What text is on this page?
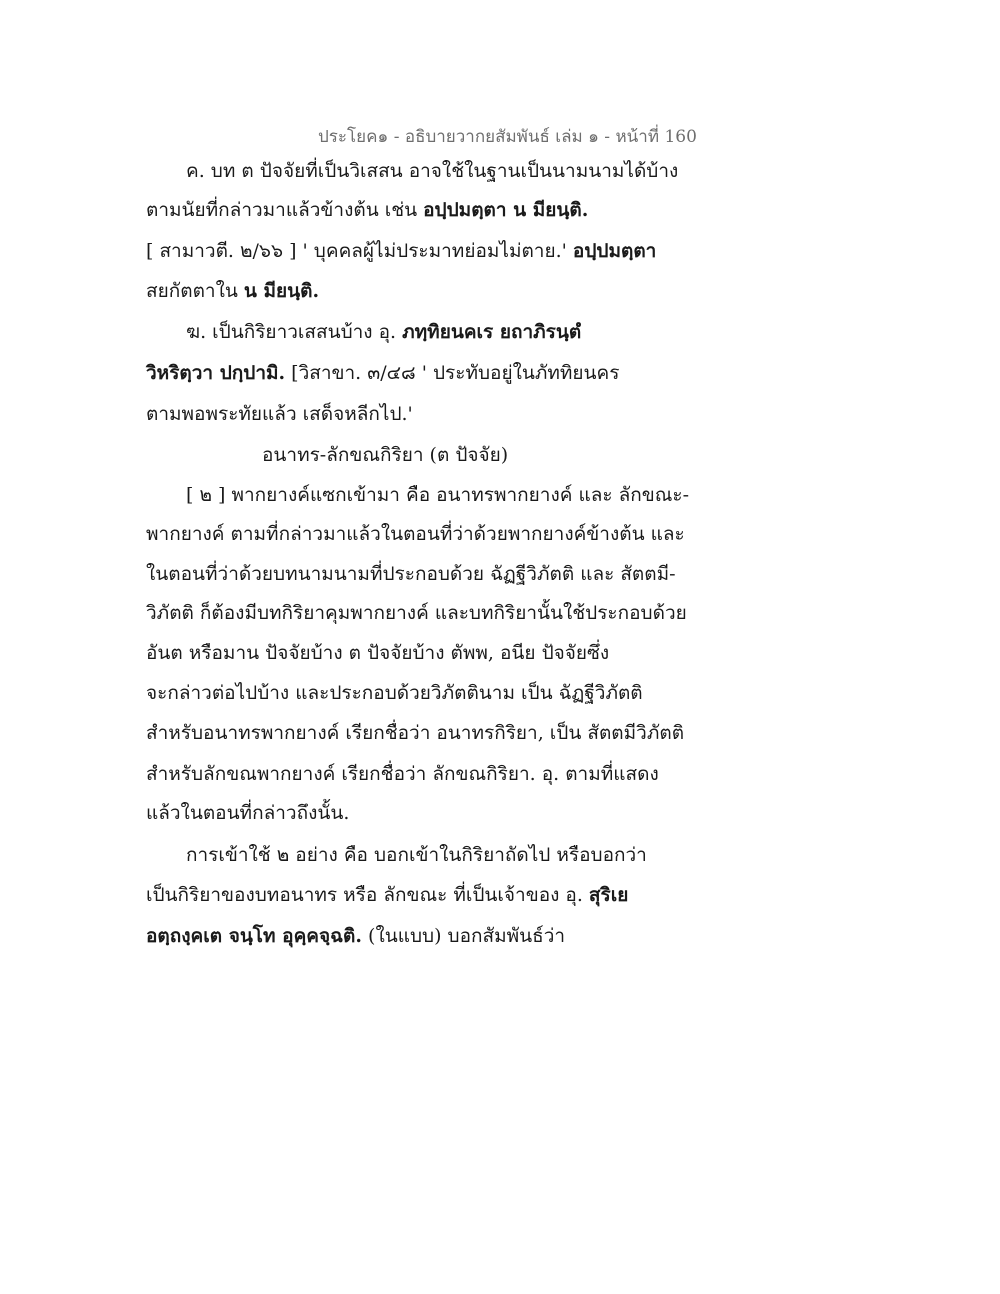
ประโยค๑ - อธิบายวากยสัมพันธ์ เล่ม ๑ - หน้าที่ 160
ค. บท ต ปัจจัยที่เป็นวิเสสน อาจใช้ในฐานเป็นนามนามได้บ้าง
ตามนัยที่กล่าวมาแล้วข้างต้น เช่น อปฺปมตฺตา น มียนฺติ.
[ สามาวตี. ๒/๖๖ ] ' บุคคลผู้ไม่ประมาทย่อมไม่ตาย.' อปฺปมตฺตา
สยกัตตาใน น มียนฺติ.
ฆ. เป็นกิริยาวเสสนบ้าง อุ. ภทฺทิยนคเร ยถาภิรนฺตํ
วิหริตฺวา ปกฺปามิ. [วิสาขา. ๓/๔๘ ' ประทับอยู่ในภัททิยนคร
ตามพอพระทัยแล้ว เสด็จหลีกไป.'
อนาทร-ลักขณกิริยา (ต ปัจจัย)
[ ๒ ] พากยางค์แซกเข้ามา คือ อนาทรพากยางค์ และ ลักขณะ-
พากยางค์ ตามที่กล่าวมาแล้วในตอนที่ว่าด้วยพากยางค์ข้างต้น และ
ในตอนที่ว่าด้วยบทนามนามที่ประกอบด้วย ฉัฏฐีวิภัตติ และ สัตตมี-
วิภัตติ ก็ต้องมีบทกิริยาคุมพากยางค์ และบทกิริยานั้นใช้ประกอบด้วย
อันต หรือมาน ปัจจัยบ้าง ต ปัจจัยบ้าง ตัพพ, อนีย ปัจจัยซึ่ง
จะกล่าวต่อไปบ้าง และประกอบด้วยวิภัตตินาม เป็น ฉัฏฐีวิภัตติ
สำหรับอนาทรพากยางค์ เรียกชื่อว่า อนาทรกิริยา, เป็น สัตตมีวิภัตติ
สำหรับลักขณพากยางค์ เรียกชื่อว่า ลักขณกิริยา. อุ. ตามที่แสดง
แล้วในตอนที่กล่าวถึงนั้น.
การเข้าใช้ ๒ อย่าง คือ บอกเข้าในกิริยาถัดไป หรือบอกว่า
เป็นกิริยาของบทอนาทร หรือ ลักขณะ ที่เป็นเจ้าของ อุ. สุริเย
อตฺถงฺคเต จนฺโท อุคฺคจฺฉติ. (ในแบบ) บอกสัมพันธ์ว่า
